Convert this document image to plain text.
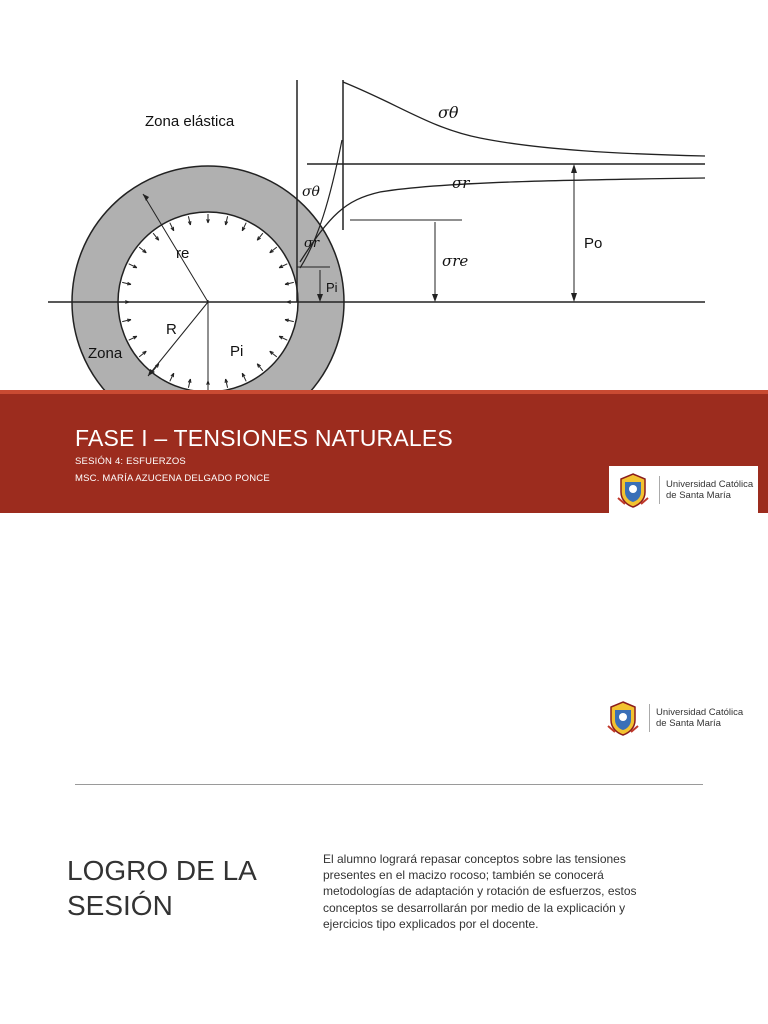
Zona elástica
Zona
re
R
Pi
Pi
Po
σθ
σr
σθ
σr
σre
FASE I – TENSIONES NATURALES
SESIÓN 4: ESFUERZOS
MSC. MARÍA AZUCENA DELGADO PONCE
Universidad Católica
de Santa María
Universidad Católica
de Santa María
LOGRO DE LA SESIÓN
El alumno logrará repasar conceptos sobre las tensiones presentes en el macizo rocoso; también se conocerá metodologías de adaptación y rotación de esfuerzos, estos conceptos se desarrollarán por medio de la explicación y ejercicios tipo explicados por el docente.
